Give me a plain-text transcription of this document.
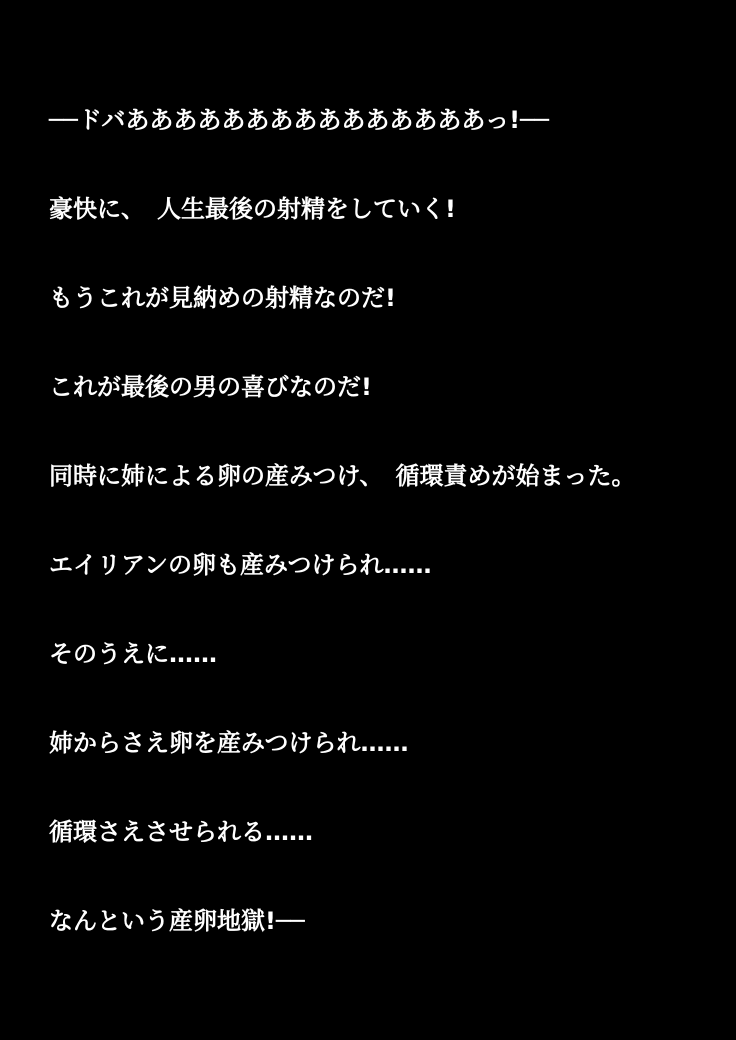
──ドバあああああああああああああああっ!──
豪快に、　人生最後の射精をしていく!
もうこれが見納めの射精なのだ!
これが最後の男の喜びなのだ!
同時に姉による卵の産みつけ、　循環責めが始まった。
エイリアンの卵も産みつけられ……
そのうえに……
姉からさえ卵を産みつけられ……
循環さえさせられる……
なんという産卵地獄!──
